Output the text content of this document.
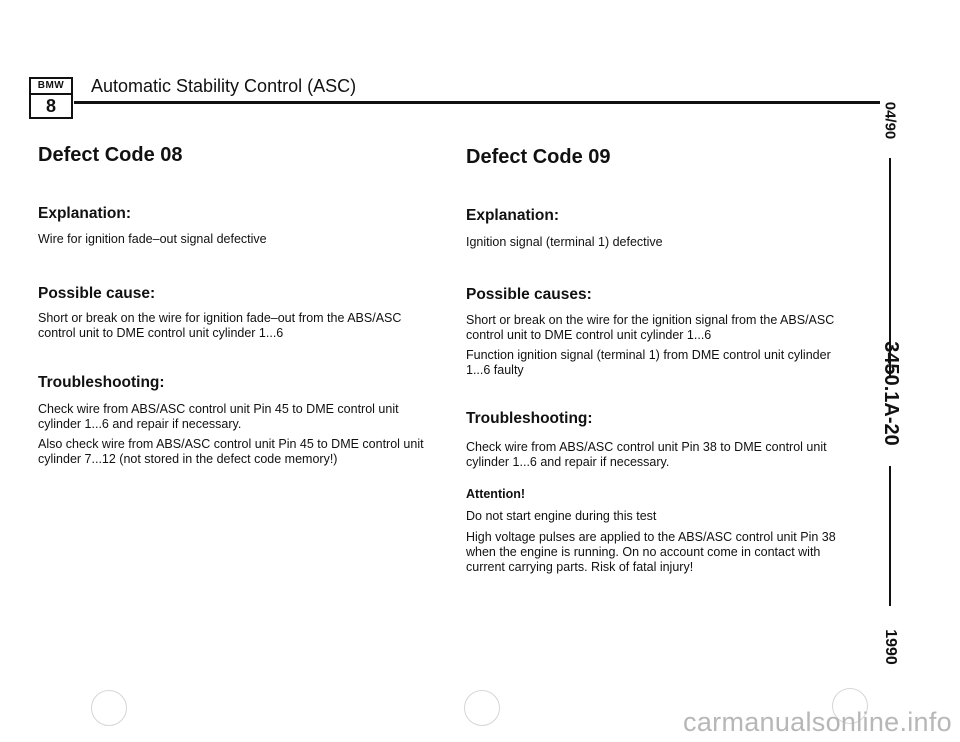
BMW
8
Automatic Stability Control (ASC)
Defect Code 08
Explanation:
Wire for ignition fade–out signal defective
Possible cause:
Short or break on the wire for ignition fade–out from the ABS/ASC control unit to DME control unit cylinder 1...6
Troubleshooting:
Check wire from ABS/ASC control unit Pin 45 to DME control unit cylinder 1...6 and repair if necessary.
Also check wire from ABS/ASC control unit Pin 45 to DME control unit cylinder 7...12 (not stored in the defect code memory!)
Defect Code 09
Explanation:
Ignition signal (terminal 1) defective
Possible causes:
Short or break on the wire for the ignition signal from the ABS/ASC control unit to DME control unit cylinder 1...6
Function ignition signal (terminal 1) from DME control unit cylinder 1...6 faulty
Troubleshooting:
Check wire from ABS/ASC control unit Pin 38 to DME control unit cylinder 1...6 and repair if necessary.
Attention!
Do not start engine during this test
High voltage pulses are applied to the ABS/ASC control unit Pin 38 when the engine is running. On no account come in contact with current carrying parts. Risk of fatal injury!
04/90
3450.1A-20
1990
carmanualsonline.info
